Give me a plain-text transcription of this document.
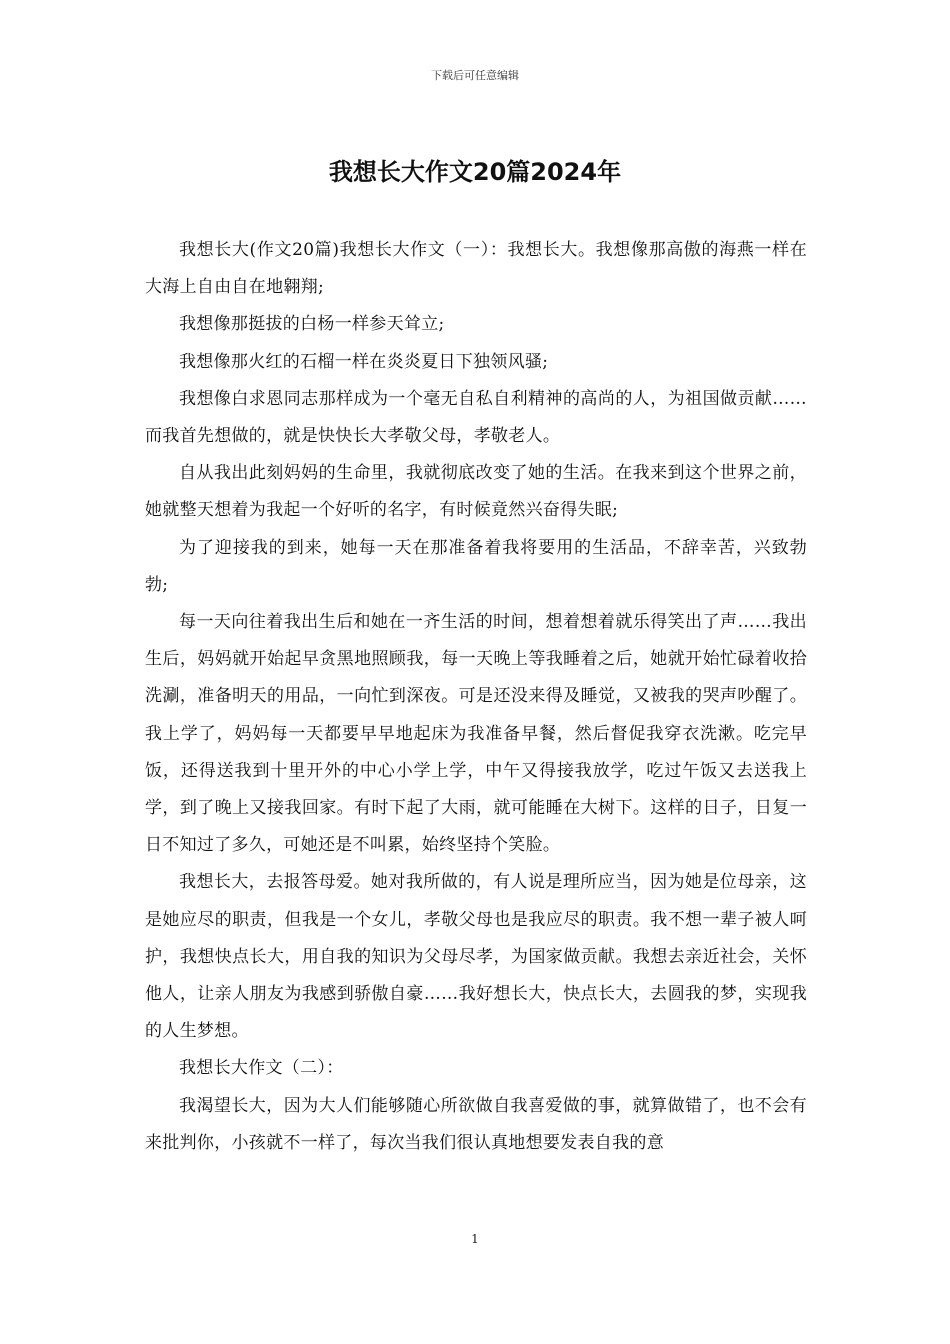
下载后可任意编辑
我想长大作文20篇2024年

我想长大(作文20篇)我想长大作文（一）：我想长大。我想像那高傲的海燕一样在大海上自由自在地翱翔;

我想像那挺拔的白杨一样参天耸立;

我想像那火红的石榴一样在炎炎夏日下独领风骚;

我想像白求恩同志那样成为一个毫无自私自利精神的高尚的人，为祖国做贡献……而我首先想做的，就是快快长大孝敬父母，孝敬老人。

自从我出此刻妈妈的生命里，我就彻底改变了她的生活。在我来到这个世界之前，她就整天想着为我起一个好听的名字，有时候竟然兴奋得失眠;

为了迎接我的到来，她每一天在那准备着我将要用的生活品，不辞幸苦，兴致勃勃;

每一天向往着我出生后和她在一齐生活的时间，想着想着就乐得笑出了声……我出生后，妈妈就开始起早贪黑地照顾我，每一天晚上等我睡着之后，她就开始忙碌着收拾洗涮，准备明天的用品，一向忙到深夜。可是还没来得及睡觉，又被我的哭声吵醒了。我上学了，妈妈每一天都要早早地起床为我准备早餐，然后督促我穿衣洗漱。吃完早饭，还得送我到十里开外的中心小学上学，中午又得接我放学，吃过午饭又去送我上学，到了晚上又接我回家。有时下起了大雨，就可能睡在大树下。这样的日子，日复一日不知过了多久，可她还是不叫累，始终坚持个笑脸。

我想长大，去报答母爱。她对我所做的，有人说是理所应当，因为她是位母亲，这是她应尽的职责，但我是一个女儿，孝敬父母也是我应尽的职责。我不想一辈子被人呵护，我想快点长大，用自我的知识为父母尽孝，为国家做贡献。我想去亲近社会，关怀他人，让亲人朋友为我感到骄傲自豪……我好想长大，快点长大，去圆我的梦，实现我的人生梦想。

我想长大作文（二）：

我渴望长大，因为大人们能够随心所欲做自我喜爱做的事，就算做错了，也不会有来批判你，小孩就不一样了，每次当我们很认真地想要发表自我的意

1
